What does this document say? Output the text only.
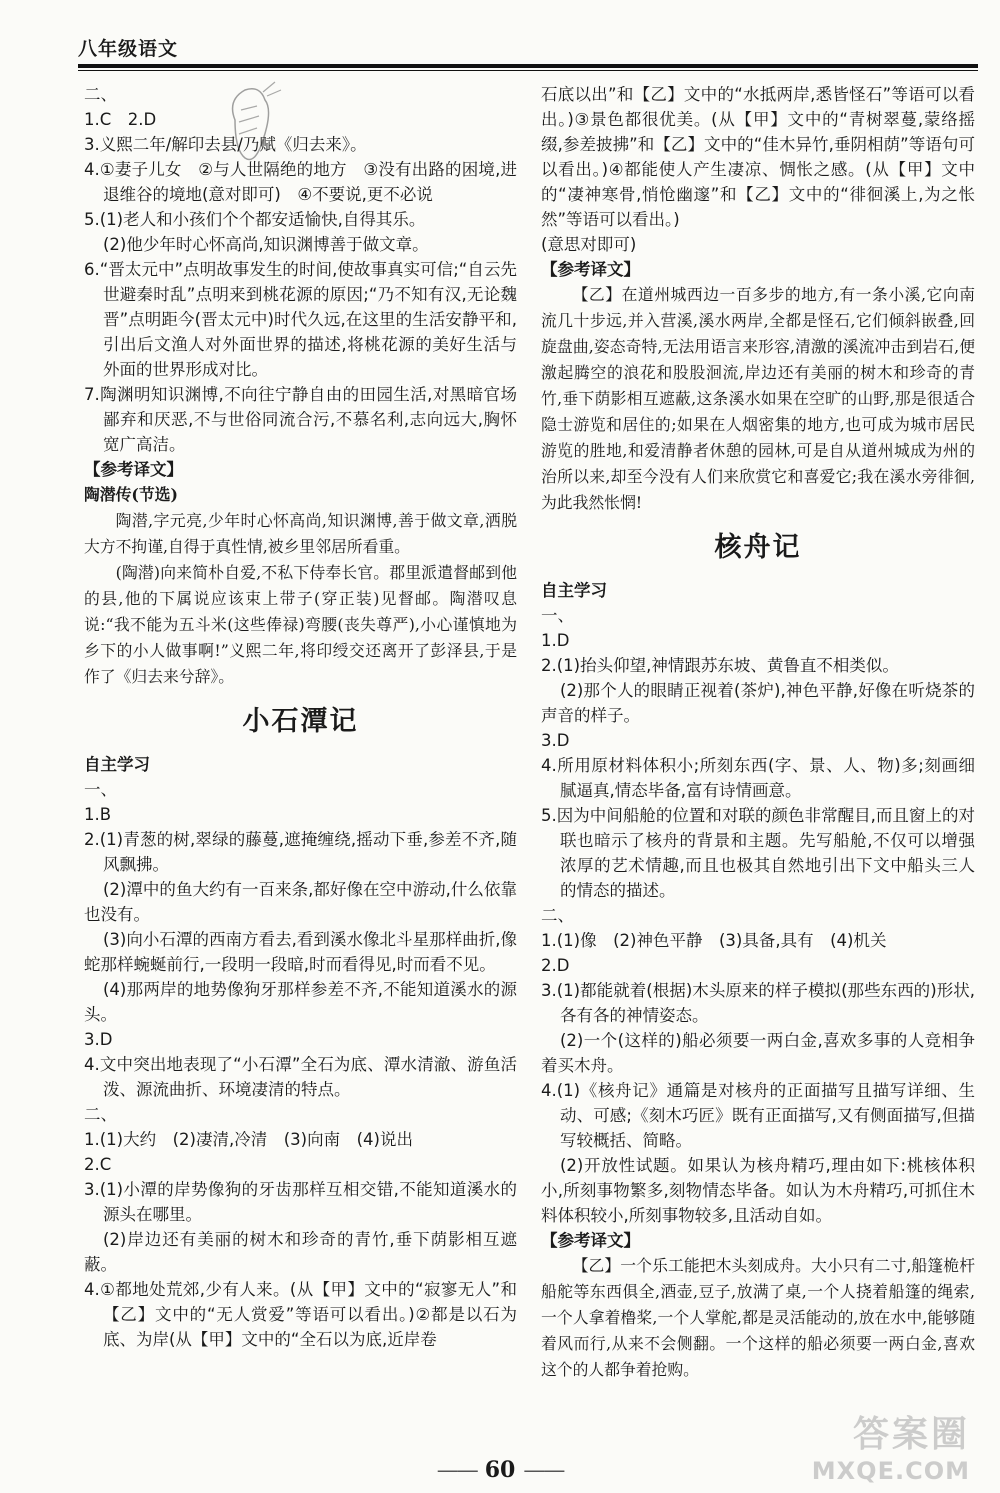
八年级语文

二、

1.C　2.D

3.义熙二年/解印去县/乃赋《归去来》。

4.①妻子儿女　②与人世隔绝的地方　③没有出路的困境,进退维谷的境地(意对即可)　④不要说,更不必说

5.(1)老人和小孩们个个都安适愉快,自得其乐。

(2)他少年时心怀高尚,知识渊博善于做文章。

6.“晋太元中”点明故事发生的时间,使故事真实可信;“自云先世避秦时乱”点明来到桃花源的原因;“乃不知有汉,无论魏晋”点明距今(晋太元中)时代久远,在这里的生活安静平和,引出后文渔人对外面世界的描述,将桃花源的美好生活与外面的世界形成对比。

7.陶渊明知识渊博,不向往宁静自由的田园生活,对黑暗官场鄙弃和厌恶,不与世俗同流合污,不慕名利,志向远大,胸怀宽广高洁。

【参考译文】

陶潜传(节选)

陶潜,字元亮,少年时心怀高尚,知识渊博,善于做文章,洒脱大方不拘谨,自得于真性情,被乡里邻居所看重。

(陶潜)向来简朴自爱,不私下侍奉长官。郡里派遣督邮到他的县,他的下属说应该束上带子(穿正装)见督邮。陶潜叹息说:“我不能为五斗米(这些俸禄)弯腰(丧失尊严),小心谨慎地为乡下的小人做事啊!”义熙二年,将印绶交还离开了彭泽县,于是作了《归去来兮辞》。

小石潭记

自主学习

一、

1.B

2.(1)青葱的树,翠绿的藤蔓,遮掩缠绕,摇动下垂,参差不齐,随风飘拂。

(2)潭中的鱼大约有一百来条,都好像在空中游动,什么依靠也没有。

(3)向小石潭的西南方看去,看到溪水像北斗星那样曲折,像蛇那样蜿蜒前行,一段明一段暗,时而看得见,时而看不见。

(4)那两岸的地势像狗牙那样参差不齐,不能知道溪水的源头。

3.D

4.文中突出地表现了“小石潭”全石为底、潭水清澈、游鱼活泼、源流曲折、环境凄清的特点。

二、

1.(1)大约　(2)凄清,冷清　(3)向南　(4)说出

2.C

3.(1)小潭的岸势像狗的牙齿那样互相交错,不能知道溪水的源头在哪里。

(2)岸边还有美丽的树木和珍奇的青竹,垂下荫影相互遮蔽。

4.①都地处荒郊,少有人来。(从【甲】文中的“寂寥无人”和【乙】文中的“无人赏爱”等语可以看出。)②都是以石为底、为岸(从【甲】文中的“全石以为底,近岸卷

石底以出”和【乙】文中的“水抵两岸,悉皆怪石”等语可以看出。)③景色都很优美。(从【甲】文中的“青树翠蔓,蒙络摇缀,参差披拂”和【乙】文中的“佳木异竹,垂阴相荫”等语句可以看出。)④都能使人产生凄凉、惆怅之感。(从【甲】文中的“凄神寒骨,悄怆幽邃”和【乙】文中的“徘徊溪上,为之怅然”等语可以看出。)

(意思对即可)

【参考译文】

【乙】在道州城西边一百多步的地方,有一条小溪,它向南流几十步远,并入营溪,溪水两岸,全都是怪石,它们倾斜嵌叠,回旋盘曲,姿态奇特,无法用语言来形容,清激的溪流冲击到岩石,便激起腾空的浪花和股股洄流,岸边还有美丽的树木和珍奇的青竹,垂下荫影相互遮蔽,这条溪水如果在空旷的山野,那是很适合隐士游览和居住的;如果在人烟密集的地方,也可成为城市居民游览的胜地,和爱清静者休憩的园林,可是自从道州城成为州的治所以来,却至今没有人们来欣赏它和喜爱它;我在溪水旁徘徊,为此我然怅惘!

核舟记

自主学习

一、

1.D

2.(1)抬头仰望,神情跟苏东坡、黄鲁直不相类似。

(2)那个人的眼睛正视着(茶炉),神色平静,好像在听烧茶的声音的样子。

3.D

4.所用原材料体积小;所刻东西(字、景、人、物)多;刻画细腻逼真,情态毕备,富有诗情画意。

5.因为中间船舱的位置和对联的颜色非常醒目,而且窗上的对联也暗示了核舟的背景和主题。先写船舱,不仅可以增强浓厚的艺术情趣,而且也极其自然地引出下文中船头三人的情态的描述。

二、

1.(1)像　(2)神色平静　(3)具备,具有　(4)机关

2.D

3.(1)都能就着(根据)木头原来的样子模拟(那些东西的)形状,各有各的神情姿态。

(2)一个(这样的)船必须要一两白金,喜欢多事的人竞相争着买木舟。

4.(1)《核舟记》通篇是对核舟的正面描写且描写详细、生动、可感;《刻木巧匠》既有正面描写,又有侧面描写,但描写较概括、简略。

(2)开放性试题。如果认为核舟精巧,理由如下:桃核体积小,所刻事物繁多,刻物情态毕备。如认为木舟精巧,可抓住木料体积较小,所刻事物较多,且活动自如。

【参考译文】

【乙】一个乐工能把木头刻成舟。大小只有二寸,船篷桅杆船舵等东西俱全,酒壶,豆子,放满了桌,一个人挠着船篷的绳索,一个人拿着橹桨,一个人掌舵,都是灵活能动的,放在水中,能够随着风而行,从来不会侧翻。一个这样的船必须要一两白金,喜欢这个的人都争着抢购。

—— 60 ——
答案圈
MXQE.COM
